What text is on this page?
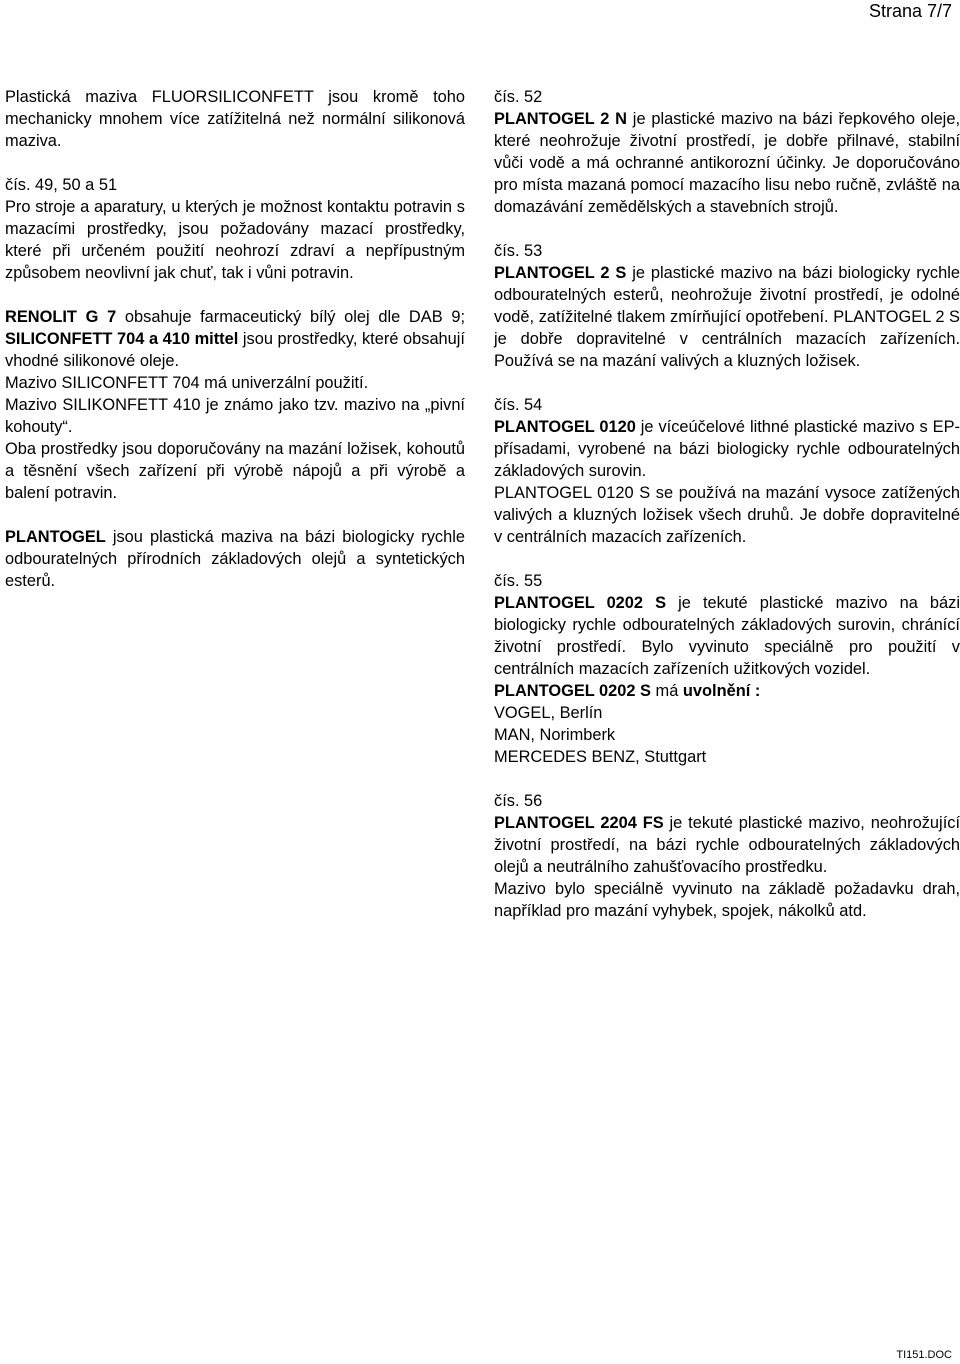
Strana 7/7

Plastická maziva FLUORSILICONFETT jsou kromě toho mechanicky mnohem více zatížitelná než normální silikonová maziva.

čís. 49, 50 a 51
Pro stroje a aparatury, u kterých je možnost kontaktu potravin s mazacími prostředky, jsou požadovány mazací prostředky, které při určeném použití neohrozí zdraví a nepřípustným způsobem neovlivní jak chuť, tak i vůni potravin.

RENOLIT G 7 obsahuje farmaceutický bílý olej dle DAB 9; SILICONFETT 704 a 410 mittel jsou prostředky, které obsahují vhodné silikonové oleje.

Mazivo SILICONFETT 704 má univerzální použití.

Mazivo SILIKONFETT 410 je známo jako tzv. mazivo na „pivní kohouty“.

Oba prostředky jsou doporučovány na mazání ložisek, kohoutů a těsnění všech zařízení při výrobě nápojů a při výrobě a balení potravin.

PLANTOGEL jsou plastická maziva na bázi biologicky rychle odbouratelných přírodních základových olejů a syntetických esterů.

čís. 52
PLANTOGEL 2 N je plastické mazivo na bázi řepkového oleje, které neohrožuje životní prostředí, je dobře přilnavé, stabilní vůči vodě a má ochranné antikorozní účinky. Je doporučováno pro místa mazaná pomocí mazacího lisu nebo ručně, zvláště na domazávání zemědělských a stavebních strojů.

čís. 53
PLANTOGEL 2 S je plastické mazivo na bázi biologicky rychle odbouratelných esterů, neohrožuje životní prostředí, je odolné vodě, zatížitelné tlakem zmírňující opotřebení. PLANTOGEL 2 S je dobře dopravitelné v centrálních mazacích zařízeních. Používá se na mazání valivých a kluzných ložisek.

čís. 54
PLANTOGEL 0120 je víceúčelové lithné plastické mazivo s EP-přísadami, vyrobené na bázi biologicky rychle odbouratelných základových surovin.

PLANTOGEL 0120 S se používá na mazání vysoce zatížených valivých a kluzných ložisek všech druhů. Je dobře dopravitelné v centrálních mazacích zařízeních.

čís. 55
PLANTOGEL 0202 S je tekuté plastické mazivo na bázi biologicky rychle odbouratelných základových surovin, chránící životní prostředí. Bylo vyvinuto speciálně pro použití v centrálních mazacích zařízeních užitkových vozidel.

PLANTOGEL 0202 S má uvolnění :

VOGEL, Berlín

MAN, Norimberk

MERCEDES BENZ, Stuttgart

čís. 56
PLANTOGEL 2204 FS je tekuté plastické mazivo, neohrožující životní prostředí, na bázi rychle odbouratelných základových olejů a neutrálního zahušťovacího prostředku.

Mazivo bylo speciálně vyvinuto na základě požadavku drah, například pro mazání vyhybek, spojek, nákolků atd.

TI151.DOC
